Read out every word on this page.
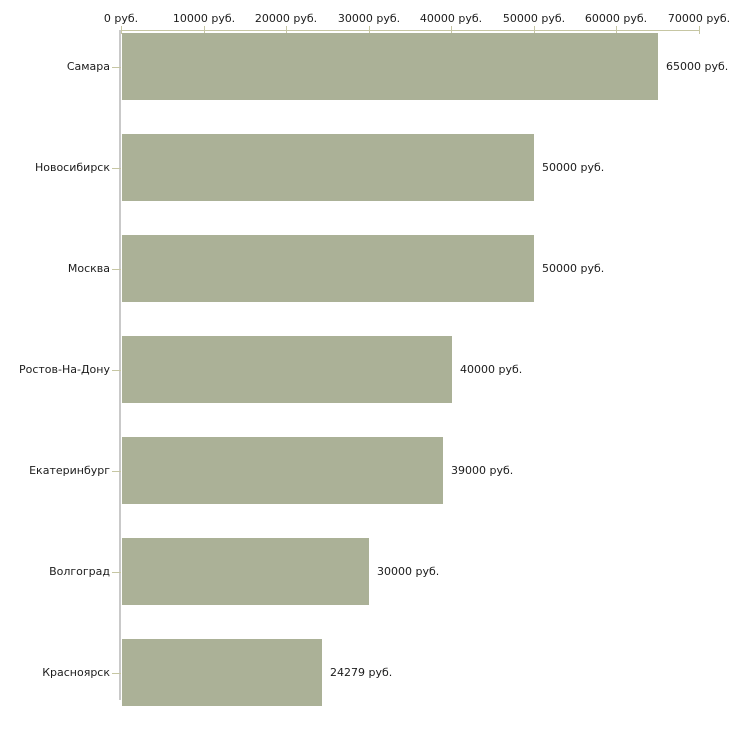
0 руб.	10000 руб.	20000 руб.	30000 руб.	40000 руб.	50000 руб.	60000 руб.	70000 руб.
Самара	65000 руб.
Новосибирск	50000 руб.
Москва	50000 руб.
Ростов-На-Дону	40000 руб.
Екатеринбург	39000 руб.
Волгоград	30000 руб.
Красноярск	24279 руб.
